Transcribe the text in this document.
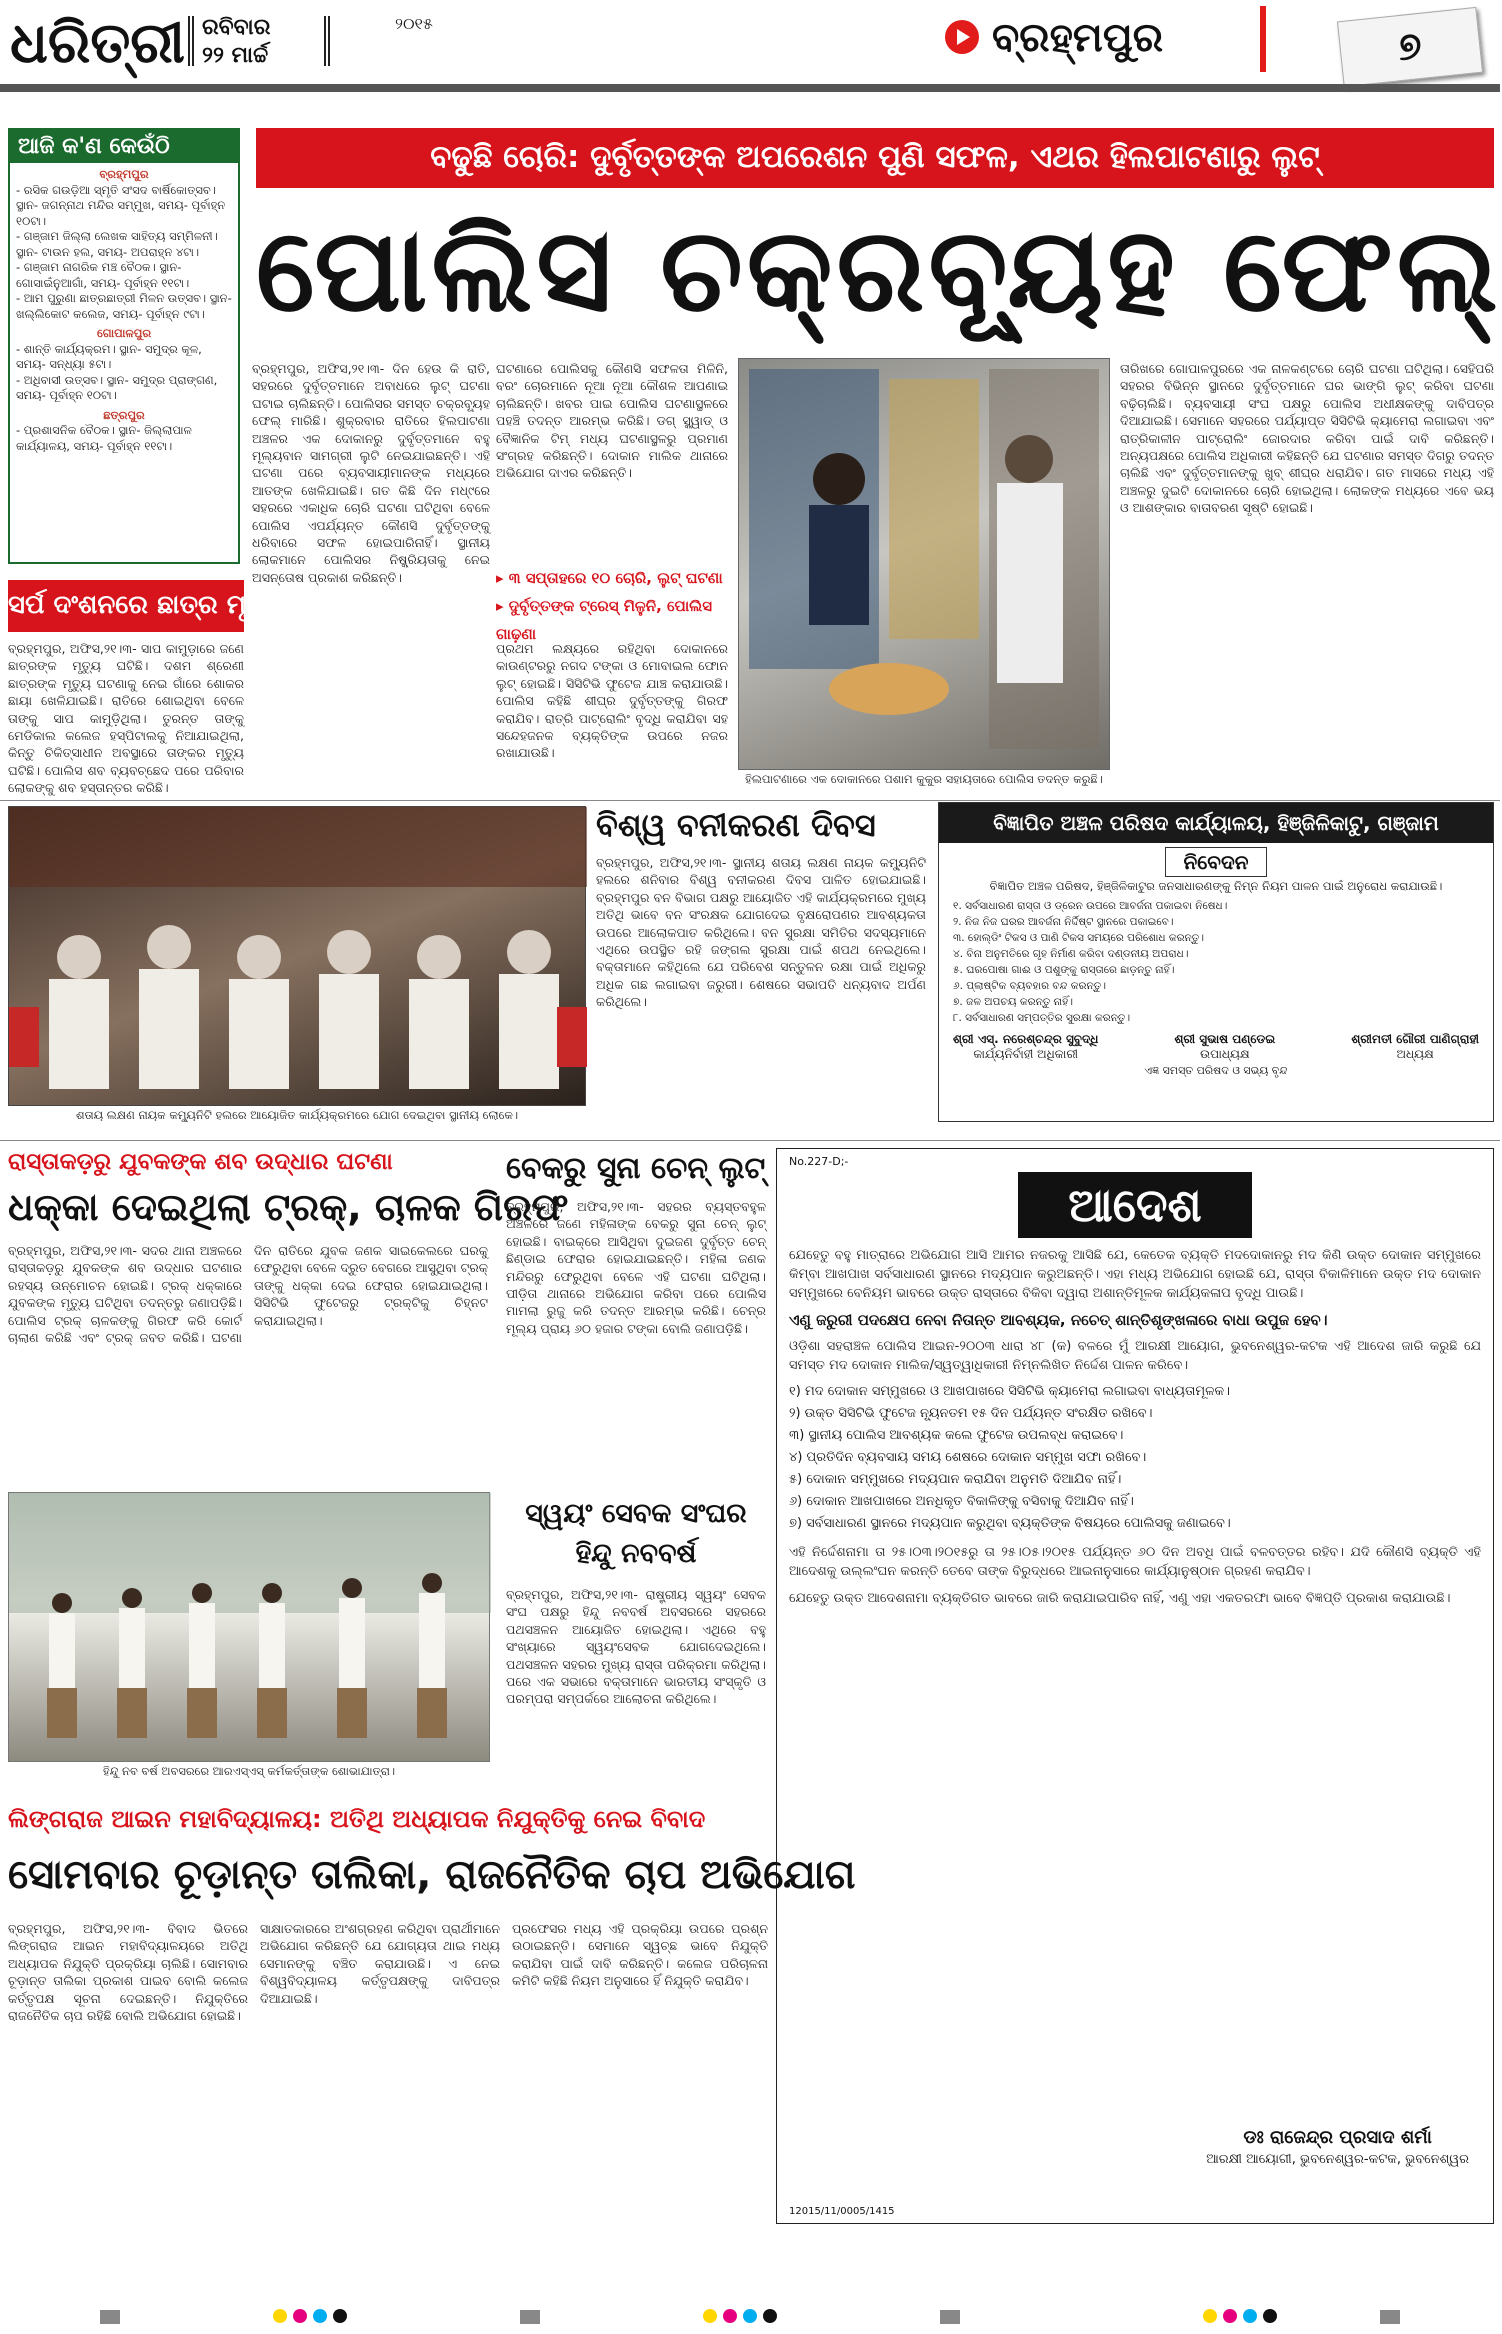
ଧରିତ୍ରୀ ରବିବାର
୨୨ ମାର୍ଚ୍ଚ
୨୦୧୫	ବ୍ରହ୍ମପୁର	୭
ଆଜି କ'ଣ କେଉଁଠି
ବ୍ରହ୍ମପୁର
- ରସିକ ଗଉଡ଼ିଆ ସ୍ମୃତି ସଂସଦ ବାର୍ଷିକୋତ୍ସବ। ସ୍ଥାନ- ଜଗନ୍ନାଥ ମନ୍ଦିର ସମ୍ମୁଖ, ସମୟ- ପୂର୍ବାହ୍ନ ୧୦ଟା।
- ଗଞ୍ଜାମ ଜିଲ୍ଲା ଲେଖକ ସାହିତ୍ୟ ସମ୍ମିଳନୀ। ସ୍ଥାନ- ଟାଉନ ହଲ, ସମୟ- ଅପରାହ୍ନ ୪ଟା।
- ଗଞ୍ଜାମ ନାଗରିକ ମଞ୍ଚ ବୈଠକ। ସ୍ଥାନ- ଗୋସାଇଁନୁଆଗାଁ, ସମୟ- ପୂର୍ବାହ୍ନ ୧୧ଟା।
- ଆମ ପୁରୁଣା ଛାତ୍ରଛାତ୍ରୀ ମିଳନ ଉତ୍ସବ। ସ୍ଥାନ- ଖଲ୍ଲିକୋଟ କଲେଜ, ସମୟ- ପୂର୍ବାହ୍ନ ୯ଟା।
ଗୋପାଳପୁର
- ଶାନ୍ତି କାର୍ଯ୍ୟକ୍ରମ। ସ୍ଥାନ- ସମୁଦ୍ର କୂଳ, ସମୟ- ସନ୍ଧ୍ୟା ୫ଟା।
- ଅଧିବାସୀ ଉତ୍ସବ। ସ୍ଥାନ- ସମୁଦ୍ର ପ୍ରାଙ୍ଗଣ, ସମୟ- ପୂର୍ବାହ୍ନ ୧୦ଟା।
ଛତ୍ରପୁର
- ପ୍ରଶାସନିକ ବୈଠକ। ସ୍ଥାନ- ଜିଲ୍ଲାପାଳ କାର୍ଯ୍ୟାଳୟ, ସମୟ- ପୂର୍ବାହ୍ନ ୧୧ଟା।
ବଢୁଛି ଚୋରି: ଦୁର୍ବୃତ୍ତଙ୍କ ଅପରେଶନ ପୁଣି ସଫଳ, ଏଥର ହିଲପାଟଣାରୁ ଲୁଟ୍
ପୋଲିସ ଚକ୍ରବ୍ୟୂହ ଫେଲ୍
ବ୍ରହ୍ମପୁର, ଅଫିସ,୨୧।୩- ଦିନ ହେଉ କି ରାତି, ସହରରେ ଦୁର୍ବୃତ୍ତମାନେ ଅବାଧରେ ଲୁଟ୍ ଘଟଣା ଘଟାଇ ଚାଲିଛନ୍ତି। ପୋଲିସର ସମସ୍ତ ଚକ୍ରବ୍ୟୂହ ଫେଲ୍ ମାରିଛି। ଶୁକ୍ରବାର ରାତିରେ ହିଲପାଟଣା ଅଞ୍ଚଳର ଏକ ଦୋକାନରୁ ଦୁର୍ବୃତ୍ତମାନେ ବହୁ ମୂଲ୍ୟବାନ ସାମଗ୍ରୀ ଲୁଟି ନେଇଯାଇଛନ୍ତି। ଏହି ଘଟଣା ପରେ ବ୍ୟବସାୟୀମାନଙ୍କ ମଧ୍ୟରେ ଆତଙ୍କ ଖେଳିଯାଇଛି। ଗତ କିଛି ଦିନ ମଧ୍୯ରେ ସହରରେ ଏକାଧିକ ଚୋରି ଘଟଣା ଘଟିଥିବା ବେଳେ ପୋଲିସ ଏପର୍ଯ୍ୟନ୍ତ କୌଣସି ଦୁର୍ବୃତ୍ତଙ୍କୁ ଧରିବାରେ ସଫଳ ହୋଇପାରିନାହିଁ। ସ୍ଥାନୀୟ ଲୋକମାନେ ପୋଲିସର ନିଷ୍କ୍ରିୟତାକୁ ନେଇ ଅସନ୍ତୋଷ ପ୍ରକାଶ କରିଛନ୍ତି।
ଘଟଣାରେ ପୋଲିସକୁ କୌଣସି ସଫଳତା ମିଳିନି, ବରଂ ଚୋରମାନେ ନୂଆ ନୂଆ କୌଶଳ ଆପଣାଇ ଚାଲିଛନ୍ତି। ଖବର ପାଇ ପୋଲିସ ଘଟଣାସ୍ଥଳରେ ପହଞ୍ଚି ତଦନ୍ତ ଆରମ୍ଭ କରିଛି। ଡଗ୍ ସ୍କ୍ୱାଡ୍ ଓ ବୈଜ୍ଞାନିକ ଟିମ୍ ମଧ୍ୟ ଘଟଣାସ୍ଥଳରୁ ପ୍ରମାଣ ସଂଗ୍ରହ କରିଛନ୍ତି। ଦୋକାନ ମାଲିକ ଥାନାରେ ଅଭିଯୋଗ ଦାଏର କରିଛନ୍ତି।
▸ ୩ ସପ୍ତାହରେ ୧୦ ଚୋରି, ଲୁଟ୍ ଘଟଣା
▸ ଦୁର୍ବୃତ୍ତଙ୍କ ଟ୍ରେସ୍ ମିଳୁନି, ପୋଲିସ ଗାଢ଼ଣା
ପ୍ରଥମ ଲକ୍ଷ୍ୟରେ ରହିଥିବା ଦୋକାନରେ କାଉଣ୍ଟରରୁ ନଗଦ ଟଙ୍କା ଓ ମୋବାଇଲ ଫୋନ ଲୁଟ୍ ହୋଇଛି। ସିସିଟିଭି ଫୁଟେଜ ଯାଞ୍ଚ କରାଯାଉଛି। ପୋଲିସ କହିଛି ଶୀଘ୍ର ଦୁର୍ବୃତ୍ତଙ୍କୁ ଗିରଫ କରାଯିବ। ରାତ୍ରି ପାଟ୍ରୋଲିଂ ବୃଦ୍ଧି କରାଯିବା ସହ ସନ୍ଦେହଜନକ ବ୍ୟକ୍ତିଙ୍କ ଉପରେ ନଜର ରଖାଯାଉଛି।
ହିଲପାଟଣାରେ ଏକ ଦୋକାନରେ ପଶାମ କୁକୁର ସହାୟତାରେ ପୋଲିସ ତଦନ୍ତ କରୁଛି।
ତାରିଖରେ ଗୋପାଳପୁରରେ ଏକ ନାଳକଣ୍ଟରେ ଚୋରି ଘଟଣା ଘଟିଥିଲା। ସେହିପରି ସହରର ବିଭିନ୍ନ ସ୍ଥାନରେ ଦୁର୍ବୃତ୍ତମାନେ ଘର ଭାଙ୍ଗି ଲୁଟ୍ କରିବା ଘଟଣା ବଢ଼ିଚାଲିଛି। ବ୍ୟବସାୟୀ ସଂଘ ପକ୍ଷରୁ ପୋଲିସ ଅଧୀକ୍ଷକଙ୍କୁ ଦାବିପତ୍ର ଦିଆଯାଇଛି। ସେମାନେ ସହରରେ ପର୍ଯ୍ୟାପ୍ତ ସିସିଟିଭି କ୍ୟାମେରା ଲଗାଇବା ଏବଂ ରାତ୍ରିକାଳୀନ ପାଟ୍ରୋଲିଂ ଜୋରଦାର କରିବା ପାଇଁ ଦାବି କରିଛନ୍ତି। ଅନ୍ୟପକ୍ଷରେ ପୋଲିସ ଅଧିକାରୀ କହିଛନ୍ତି ଯେ ଘଟଣାର ସମସ୍ତ ଦିଗରୁ ତଦନ୍ତ ଚାଲିଛି ଏବଂ ଦୁର୍ବୃତ୍ତମାନଙ୍କୁ ଖୁବ୍ ଶୀଘ୍ର ଧରାଯିବ। ଗତ ମାସରେ ମଧ୍ୟ ଏହି ଅଞ୍ଚଳରୁ ଦୁଇଟି ଦୋକାନରେ ଚୋରି ହୋଇଥିଲା। ଲୋକଙ୍କ ମଧ୍ୟରେ ଏବେ ଭୟ ଓ ଆଶଙ୍କାର ବାତାବରଣ ସୃଷ୍ଟି ହୋଇଛି।
ସର୍ପ ଦଂଶନରେ ଛାତ୍ର ମୃତ
ବ୍ରହ୍ମପୁର, ଅଫିସ,୨୧।୩- ସାପ କାମୁଡ଼ାରେ ଜଣେ ଛାତ୍ରଙ୍କ ମୃତ୍ୟୁ ଘଟିଛି। ଦଶମ ଶ୍ରେଣୀ ଛାତ୍ରଙ୍କ ମୃତ୍ୟୁ ଘଟଣାକୁ ନେଇ ଗାଁରେ ଶୋକର ଛାୟା ଖେଳିଯାଇଛି। ରାତିରେ ଶୋଇଥିବା ବେଳେ ତାଙ୍କୁ ସାପ କାମୁଡ଼ିଥିଲା। ତୁରନ୍ତ ତାଙ୍କୁ ମେଡିକାଲ କଲେଜ ହସ୍ପିଟାଲକୁ ନିଆଯାଇଥିଲା, କିନ୍ତୁ ଚିକିତ୍ସାଧୀନ ଅବସ୍ଥାରେ ତାଙ୍କର ମୃତ୍ୟୁ ଘଟିଛି। ପୋଲିସ ଶବ ବ୍ୟବଚ୍ଛେଦ ପରେ ପରିବାର ଲୋକଙ୍କୁ ଶବ ହସ୍ତାନ୍ତର କରିଛି।
ଶତାୟ ଲକ୍ଷଣ ନାୟକ କମ୍ୟୁନିଟି ହଲରେ ଆୟୋଜିତ କାର୍ଯ୍ୟକ୍ରମରେ ଯୋଗ ଦେଇଥିବା ସ୍ଥାନୀୟ ଲୋକେ।
ବିଶ୍ୱ ବନୀକରଣ ଦିବସ
ବ୍ରହ୍ମପୁର, ଅଫିସ,୨୧।୩- ସ୍ଥାନୀୟ ଶତାୟ ଲକ୍ଷଣ ନାୟକ କମ୍ୟୁନିଟି ହଲରେ ଶନିବାର ବିଶ୍ୱ ବନୀକରଣ ଦିବସ ପାଳିତ ହୋଇଯାଇଛି। ବ୍ରହ୍ମପୁର ବନ ବିଭାଗ ପକ୍ଷରୁ ଆୟୋଜିତ ଏହି କାର୍ଯ୍ୟକ୍ରମରେ ମୁଖ୍ୟ ଅତିଥି ଭାବେ ବନ ସଂରକ୍ଷକ ଯୋଗଦେଇ ବୃକ୍ଷରୋପଣର ଆବଶ୍ୟକତା ଉପରେ ଆଲୋକପାତ କରିଥିଲେ। ବନ ସୁରକ୍ଷା ସମିତିର ସଦସ୍ୟମାନେ ଏଥିରେ ଉପସ୍ଥିତ ରହି ଜଙ୍ଗଲ ସୁରକ୍ଷା ପାଇଁ ଶପଥ ନେଇଥିଲେ। ବକ୍ତାମାନେ କହିଥିଲେ ଯେ ପରିବେଶ ସନ୍ତୁଳନ ରକ୍ଷା ପାଇଁ ଅଧିକରୁ ଅଧିକ ଗଛ ଲଗାଇବା ଜରୁରୀ। ଶେଷରେ ସଭାପତି ଧନ୍ୟବାଦ ଅର୍ପଣ କରିଥିଲେ।
ବିଜ୍ଞାପିତ ଅଞ୍ଚଳ ପରିଷଦ କାର୍ଯ୍ୟାଳୟ, ହିଞ୍ଜିଳିକାଟୁ, ଗଞ୍ଜାମ
ନିବେଦନ
ବିଜ୍ଞାପିତ ଅଞ୍ଚଳ ପରିଷଦ, ହିଞ୍ଜିଳିକାଟୁର ଜନସାଧାରଣଙ୍କୁ ନିମ୍ନ ନିୟମ ପାଳନ ପାଇଁ ଅନୁରୋଧ କରାଯାଉଛି।
୧. ସର୍ବସାଧାରଣ ରାସ୍ତା ଓ ଡ୍ରେନ ଉପରେ ଆବର୍ଜନା ପକାଇବା ନିଷେଧ।
୨. ନିଜ ନିଜ ଘରର ଆବର୍ଜନା ନିର୍ଦ୍ଦିଷ୍ଟ ସ୍ଥାନରେ ପକାଇବେ।
୩. ହୋଲ୍ଡିଂ ଟିକସ ଓ ପାଣି ଟିକସ ସମୟରେ ପରିଶୋଧ କରନ୍ତୁ।
୪. ବିନା ଅନୁମତିରେ ଗୃହ ନିର୍ମାଣ କରିବା ଦଣ୍ଡନୀୟ ଅପରାଧ।
୫. ଘରପୋଷା ଗାଈ ଓ ପଶୁଙ୍କୁ ରାସ୍ତାରେ ଛାଡ଼ନ୍ତୁ ନାହିଁ।
୬. ପ୍ଲାଷ୍ଟିକ ବ୍ୟବହାର ବନ୍ଦ କରନ୍ତୁ।
୭. ଜଳ ଅପଚୟ କରନ୍ତୁ ନାହିଁ।
୮. ସର୍ବସାଧାରଣ ସମ୍ପତ୍ତିର ସୁରକ୍ଷା କରନ୍ତୁ।
ଶ୍ରୀ ଏସ୍. ନରେଶ୍‌ଚନ୍ଦ୍ର ସୁବୁଦ୍ଧି
କାର୍ଯ୍ୟନିର୍ବାହୀ ଅଧିକାରୀ
ଶ୍ରୀ ସୁଭାଷ ପଣ୍ଡେଇ
ଉପାଧ୍ୟକ୍ଷ
ଶ୍ରୀମତୀ ଗୌରୀ ପାଣିଗ୍ରାହୀ
ଅଧ୍ୟକ୍ଷ
ଏଜ୍ଞ ସମସ୍ତ ପରିଷଦ ଓ ସଭ୍ୟ ବୃନ୍ଦ
ରାସ୍ତାକଡ଼ରୁ ଯୁବକଙ୍କ ଶବ ଉଦ୍ଧାର ଘଟଣା
ଧକ୍କା ଦେଇଥିଲା ଟ୍ରକ୍, ଚାଳକ ଗିରଫ
ବ୍ରହ୍ମପୁର, ଅଫିସ,୨୧।୩- ସଦର ଥାନା ଅଞ୍ଚଳରେ ରାସ୍ତାକଡ଼ରୁ ଯୁବକଙ୍କ ଶବ ଉଦ୍ଧାର ଘଟଣାର ରହସ୍ୟ ଉନ୍ମୋଚନ ହୋଇଛି। ଟ୍ରକ୍ ଧକ୍କାରେ ଯୁବକଙ୍କ ମୃତ୍ୟୁ ଘଟିଥିବା ତଦନ୍ତରୁ ଜଣାପଡ଼ିଛି। ପୋଲିସ ଟ୍ରକ୍ ଚାଳକଙ୍କୁ ଗିରଫ କରି କୋର୍ଟ ଚାଲାଣ କରିଛି ଏବଂ ଟ୍ରକ୍ ଜବତ କରିଛି। ଘଟଣା ଦିନ ରାତିରେ ଯୁବକ ଜଣକ ସାଇକେଲରେ ଘରକୁ ଫେରୁଥିବା ବେଳେ ଦ୍ରୁତ ବେଗରେ ଆସୁଥିବା ଟ୍ରକ୍ ତାଙ୍କୁ ଧକ୍କା ଦେଇ ଫେରାର ହୋଇଯାଇଥିଲା। ସିସିଟିଭି ଫୁଟେଜରୁ ଟ୍ରକ୍‌ଟିକୁ ଚିହ୍ନଟ କରାଯାଇଥିଲା।
ବେକରୁ ସୁନା ଚେନ୍ ଲୁଟ୍
ବ୍ରହ୍ମପୁର, ଅଫିସ,୨୧।୩- ସହରର ବ୍ୟସ୍ତବହୁଳ ଅଞ୍ଚଳରେ ଜଣେ ମହିଳାଙ୍କ ବେକରୁ ସୁନା ଚେନ୍ ଲୁଟ୍ ହୋଇଛି। ବାଇକ୍‌ରେ ଆସିଥିବା ଦୁଇଜଣ ଦୁର୍ବୃତ୍ତ ଚେନ୍ ଛିଣ୍ଡାଇ ଫେରାର ହୋଇଯାଇଛନ୍ତି। ମହିଳା ଜଣକ ମନ୍ଦିରରୁ ଫେରୁଥିବା ବେଳେ ଏହି ଘଟଣା ଘଟିଥିଲା। ପୀଡ଼ିତା ଥାନାରେ ଅଭିଯୋଗ କରିବା ପରେ ପୋଲିସ ମାମଲା ରୁଜୁ କରି ତଦନ୍ତ ଆରମ୍ଭ କରିଛି। ଚେନ୍‌ର ମୂଲ୍ୟ ପ୍ରାୟ ୬୦ ହଜାର ଟଙ୍କା ବୋଲି ଜଣାପଡ଼ିଛି।
ହିନ୍ଦୁ ନବ ବର୍ଷ ଅବସରରେ ଆରଏସ୍‌ଏସ୍ କର୍ମକର୍ତ୍ତାଙ୍କ ଶୋଭାଯାତ୍ରା।
ସ୍ୱୟଂ ସେବକ ସଂଘର
ହିନ୍ଦୁ ନବବର୍ଷ
ବ୍ରହ୍ମପୁର, ଅଫିସ,୨୧।୩- ରାଷ୍ଟ୍ରୀୟ ସ୍ୱୟଂ ସେବକ ସଂଘ ପକ୍ଷରୁ ହିନ୍ଦୁ ନବବର୍ଷ ଅବସରରେ ସହରରେ ପଥସଞ୍ଚଳନ ଆୟୋଜିତ ହୋଇଥିଲା। ଏଥିରେ ବହୁ ସଂଖ୍ୟାରେ ସ୍ୱୟଂସେବକ ଯୋଗଦେଇଥିଲେ। ପଥସଞ୍ଚଳନ ସହରର ମୁଖ୍ୟ ରାସ୍ତା ପରିକ୍ରମା କରିଥିଲା। ପରେ ଏକ ସଭାରେ ବକ୍ତାମାନେ ଭାରତୀୟ ସଂସ୍କୃତି ଓ ପରମ୍ପରା ସମ୍ପର୍କରେ ଆଲୋଚନା କରିଥିଲେ।
No.227-D;-
ଆଦେଶ
ଯେହେତୁ ବହୁ ମାତ୍ରାରେ ଅଭିଯୋଗ ଆସି ଆମର ନଜରକୁ ଆସିଛି ଯେ, କେତେକ ବ୍ୟକ୍ତି ମଦଦୋକାନରୁ ମଦ କିଣି ଉକ୍ତ ଦୋକାନ ସମ୍ମୁଖରେ କିମ୍ବା ଆଖପାଖ ସର୍ବସାଧାରଣ ସ୍ଥାନରେ ମଦ୍ୟପାନ କରୁଅଛନ୍ତି। ଏହା ମଧ୍ୟ ଅଭିଯୋଗ ହୋଇଛି ଯେ, ରାସ୍ତା ବିକାଳିମାନେ ଉକ୍ତ ମଦ ଦୋକାନ ସମ୍ମୁଖରେ ବେନିୟମ ଭାବରେ ଉକ୍ତ ରାସ୍ତାରେ ବିକିବା ଦ୍ୱାରା ଅଶାନ୍ତିମୂଳକ କାର୍ଯ୍ୟକଳାପ ବୃଦ୍ଧି ପାଉଛି।
ଏଣୁ ଜରୁରୀ ପଦକ୍ଷେପ ନେବା ନିତାନ୍ତ ଆବଶ୍ୟକ, ନଚେତ୍ ଶାନ୍ତିଶୃଙ୍ଖଳାରେ ବାଧା ଉପୁଜ ହେବ।
ଓଡ଼ିଶା ସହରାଞ୍ଚଳ ପୋଲିସ ଆଇନ-୨୦୦୩ ଧାରା ୪୮ (କ) ବଳରେ ମୁଁ ଆରକ୍ଷୀ ଆୟୋଗ, ଭୁବନେଶ୍ୱର-କଟକ ଏହି ଆଦେଶ ଜାରି କରୁଛି ଯେ ସମସ୍ତ ମଦ ଦୋକାନ ମାଲିକ/ସ୍ୱତ୍ୱାଧିକାରୀ ନିମ୍ନଲିଖିତ ନିର୍ଦ୍ଦେଶ ପାଳନ କରିବେ।
୧) ମଦ ଦୋକାନ ସମ୍ମୁଖରେ ଓ ଆଖପାଖରେ ସିସିଟିଭି କ୍ୟାମେରା ଲଗାଇବା ବାଧ୍ୟତାମୂଳକ।
୨) ଉକ୍ତ ସିସିଟିଭି ଫୁଟେଜ ନ୍ୟୂନତମ ୧୫ ଦିନ ପର୍ଯ୍ୟନ୍ତ ସଂରକ୍ଷିତ ରଖିବେ।
୩) ସ୍ଥାନୀୟ ପୋଲିସ ଆବଶ୍ୟକ କଲେ ଫୁଟେଜ ଉପଲବ୍ଧ କରାଇବେ।
୪) ପ୍ରତିଦିନ ବ୍ୟବସାୟ ସମୟ ଶେଷରେ ଦୋକାନ ସମ୍ମୁଖ ସଫା ରଖିବେ।
୫) ଦୋକାନ ସମ୍ମୁଖରେ ମଦ୍ୟପାନ କରାଯିବା ଅନୁମତି ଦିଆଯିବ ନାହିଁ।
୬) ଦୋକାନ ଆଖପାଖରେ ଅନଧିକୃତ ବିକାଳିଙ୍କୁ ବସିବାକୁ ଦିଆଯିବ ନାହିଁ।
୭) ସର୍ବସାଧାରଣ ସ୍ଥାନରେ ମଦ୍ୟପାନ କରୁଥିବା ବ୍ୟକ୍ତିଙ୍କ ବିଷୟରେ ପୋଲିସକୁ ଜଣାଇବେ।
ଏହି ନିର୍ଦ୍ଦେଶନାମା ତା ୨୫।୦୩।୨୦୧୫ରୁ ତା ୨୫।୦୫।୨୦୧୫ ପର୍ଯ୍ୟନ୍ତ ୬୦ ଦିନ ଅବଧି ପାଇଁ ବଳବତ୍ତର ରହିବ। ଯଦି କୌଣସି ବ୍ୟକ୍ତି ଏହି ଆଦେଶକୁ ଉଲ୍ଲଂଘନ କରନ୍ତି ତେବେ ତାଙ୍କ ବିରୁଦ୍ଧରେ ଆଇନାନୁସାରେ କାର୍ଯ୍ୟାନୁଷ୍ଠାନ ଗ୍ରହଣ କରାଯିବ।
ଯେହେତୁ ଉକ୍ତ ଆଦେଶନାମା ବ୍ୟକ୍ତିଗତ ଭାବରେ ଜାରି କରାଯାଇପାରିବ ନାହିଁ, ଏଣୁ ଏହା ଏକତରଫା ଭାବେ ବିଜ୍ଞପ୍ତି ପ୍ରକାଶ କରାଯାଉଛି।
ଡଃ ରାଜେନ୍ଦ୍ର ପ୍ରସାଦ ଶର୍ମା
ଆରକ୍ଷୀ ଆୟୋଗୀ, ଭୁବନେଶ୍ୱର-କଟକ, ଭୁବନେଶ୍ୱର
12015/11/0005/1415
ଲିଙ୍ଗରାଜ ଆଇନ ମହାବିଦ୍ୟାଳୟ: ଅତିଥି ଅଧ୍ୟାପକ ନିଯୁକ୍ତିକୁ ନେଇ ବିବାଦ
ସୋମବାର ଚୂଡ଼ାନ୍ତ ତାଲିକା, ରାଜନୈତିକ ଚାପ ଅଭିଯୋଗ
ବ୍ରହ୍ମପୁର, ଅଫିସ,୨୧।୩- ବିବାଦ ଭିତରେ ଲିଙ୍ଗରାଜ ଆଇନ ମହାବିଦ୍ୟାଳୟରେ ଅତିଥି ଅଧ୍ୟାପକ ନିଯୁକ୍ତି ପ୍ରକ୍ରିୟା ଚାଲିଛି। ସୋମବାର ଚୂଡ଼ାନ୍ତ ତାଲିକା ପ୍ରକାଶ ପାଇବ ବୋଲି କଲେଜ କର୍ତ୍ତୃପକ୍ଷ ସୂଚନା ଦେଇଛନ୍ତି। ନିଯୁକ୍ତିରେ ରାଜନୈତିକ ଚାପ ରହିଛି ବୋଲି ଅଭିଯୋଗ ହୋଇଛି।
ସାକ୍ଷାତକାରରେ ଅଂଶଗ୍ରହଣ କରିଥିବା ପ୍ରାର୍ଥୀମାନେ ଅଭିଯୋଗ କରିଛନ୍ତି ଯେ ଯୋଗ୍ୟତା ଥାଇ ମଧ୍ୟ ସେମାନଙ୍କୁ ବଞ୍ଚିତ କରାଯାଉଛି। ଏ ନେଇ ବିଶ୍ୱବିଦ୍ୟାଳୟ କର୍ତ୍ତୃପକ୍ଷଙ୍କୁ ଦାବିପତ୍ର ଦିଆଯାଇଛି।
ପ୍ରଫେସର ମଧ୍ୟ ଏହି ପ୍ରକ୍ରିୟା ଉପରେ ପ୍ରଶ୍ନ ଉଠାଇଛନ୍ତି। ସେମାନେ ସ୍ୱଚ୍ଛ ଭାବେ ନିଯୁକ୍ତି କରାଯିବା ପାଇଁ ଦାବି କରିଛନ୍ତି। କଲେଜ ପରିଚାଳନା କମିଟି କହିଛି ନିୟମ ଅନୁସାରେ ହିଁ ନିଯୁକ୍ତି କରାଯିବ।
